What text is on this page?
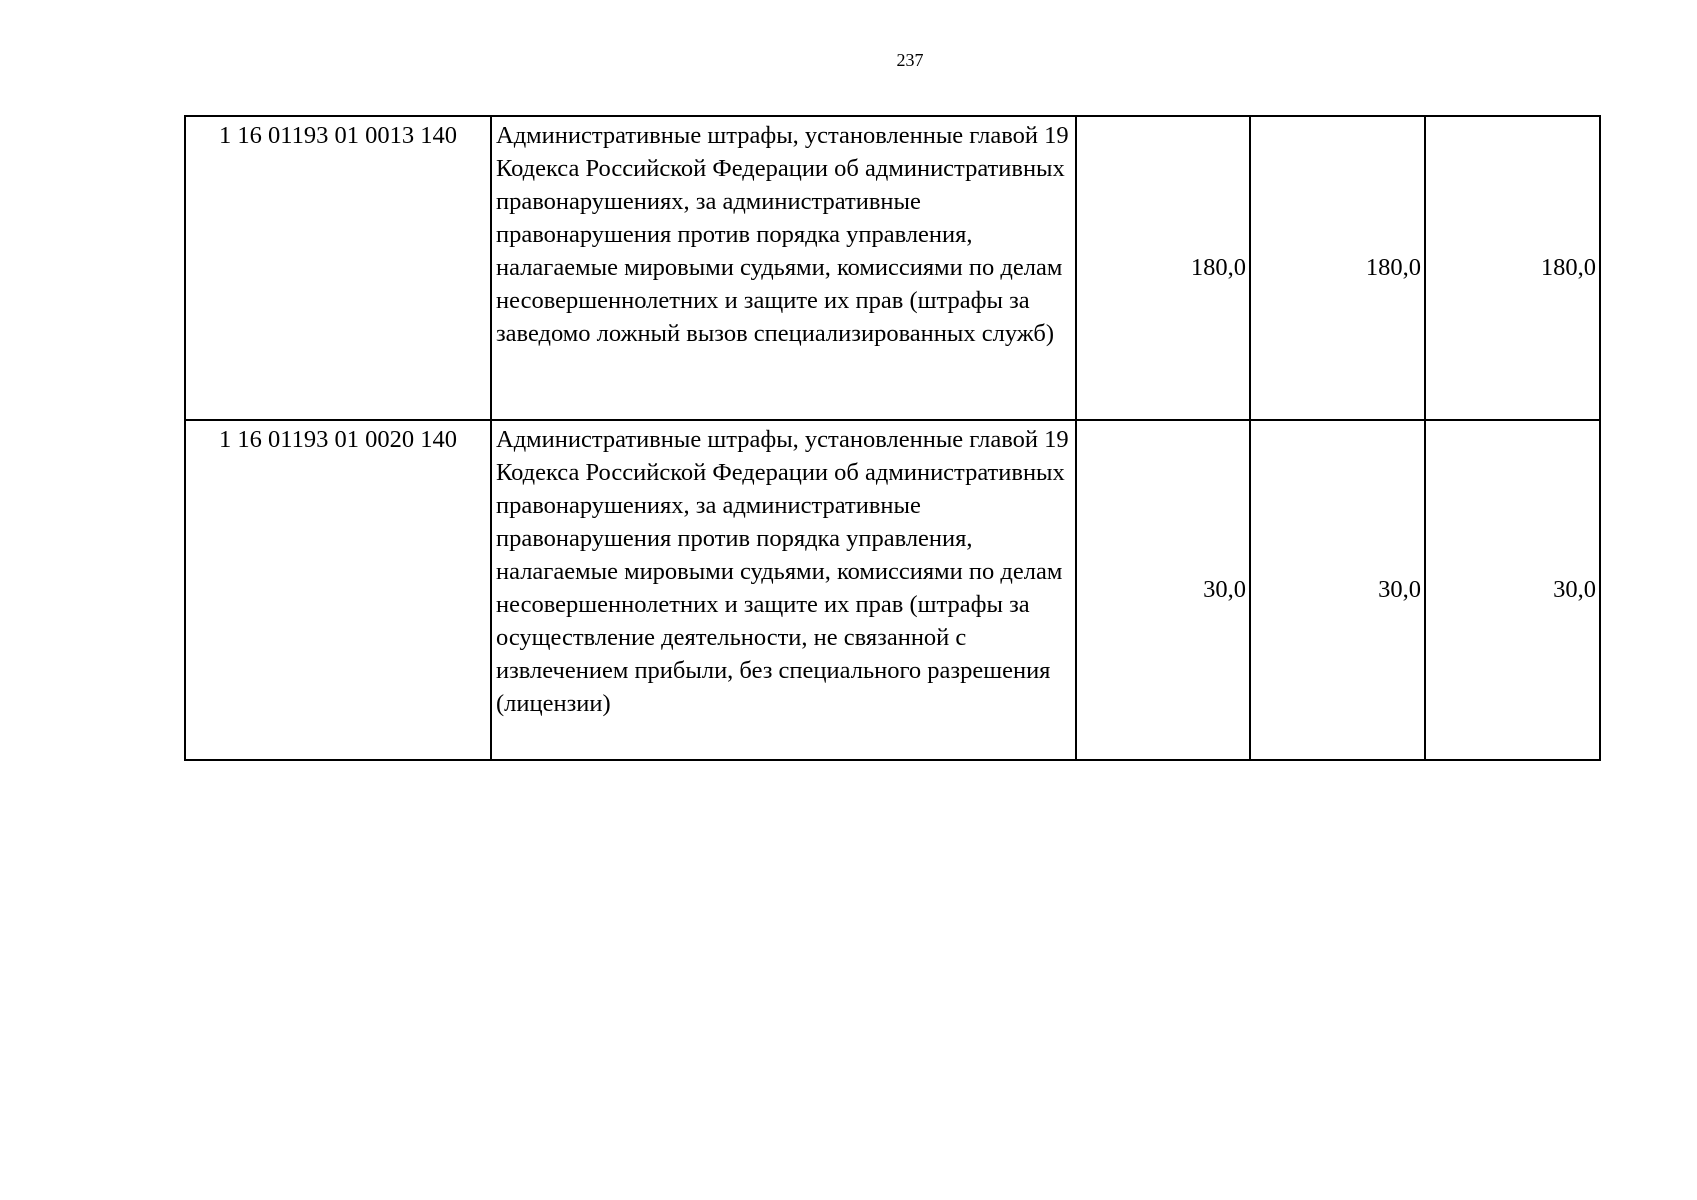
237
1 16 01193 01 0013 140	Административные штрафы, установленные главой 19 Кодекса Российской Федерации об административных правонарушениях, за административные правонарушения против порядка управления, налагаемые мировыми судьями, комиссиями по делам несовершеннолетних и защите их прав (штрафы за заведомо ложный вызов специализированных служб)	180,0	180,0	180,0
1 16 01193 01 0020 140	Административные штрафы, установленные главой 19 Кодекса Российской Федерации об административных правонарушениях, за административные правонарушения против порядка управления, налагаемые мировыми судьями, комиссиями по делам несовершеннолетних и защите их прав (штрафы за осуществление деятельности, не связанной с извлечением прибыли, без специального разрешения (лицензии)	30,0	30,0	30,0
